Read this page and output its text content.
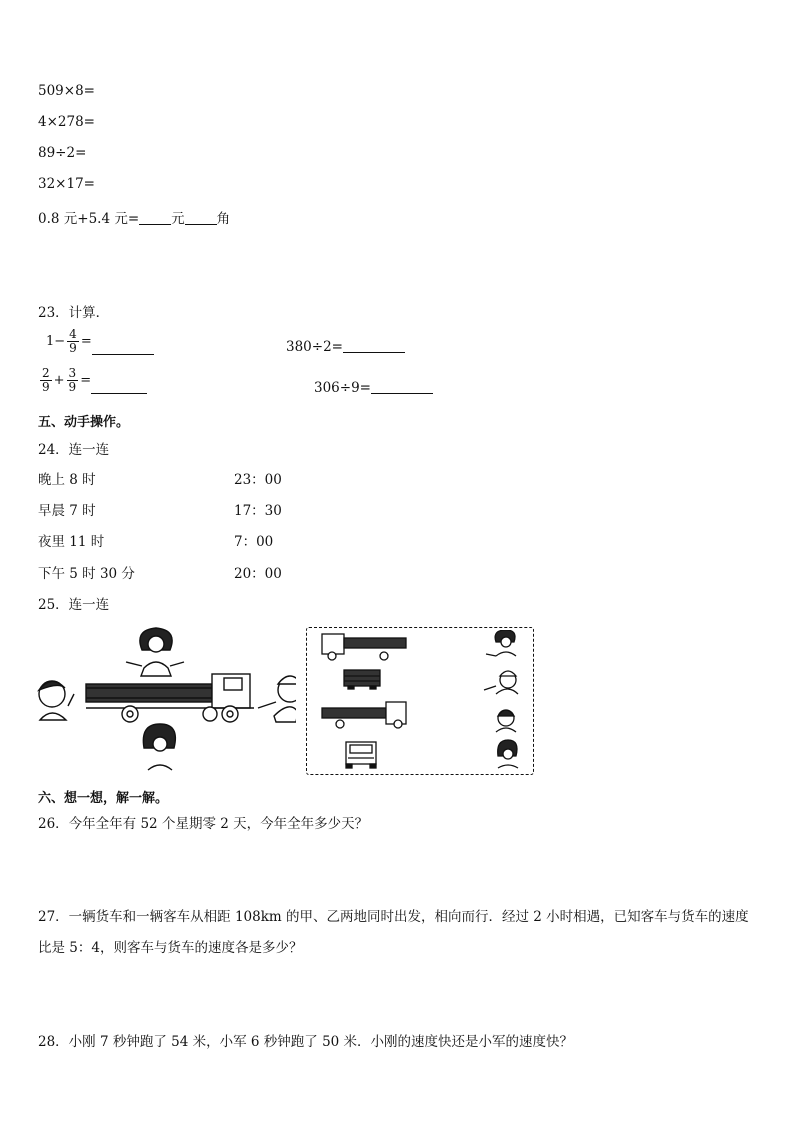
509×8=
4×278=
89÷2=
32×17=
0.8 元+5.4 元= 元 角
23．计算．
$1- \frac{4}{9}$ =	380÷2=
$\frac{2}{9} + \frac{3}{9}$ =	306÷9=
五、动手操作。
24．连一连
晚上 8 时
早晨 7 时
夜里 11 时
下午 5 时 30 分
23：00
17：30
7：00
20：00
25．连一连
六、想一想，解一解。
26．今年全年有 52 个星期零 2 天，今年全年多少天？
27．一辆货车和一辆客车从相距 108km 的甲、乙两地同时出发，相向而行．经过 2 小时相遇，已知客车与货车的速度
比是 5：4，则客车与货车的速度各是多少？
28．小刚 7 秒钟跑了 54 米，小军 6 秒钟跑了 50 米．小刚的速度快还是小军的速度快？
